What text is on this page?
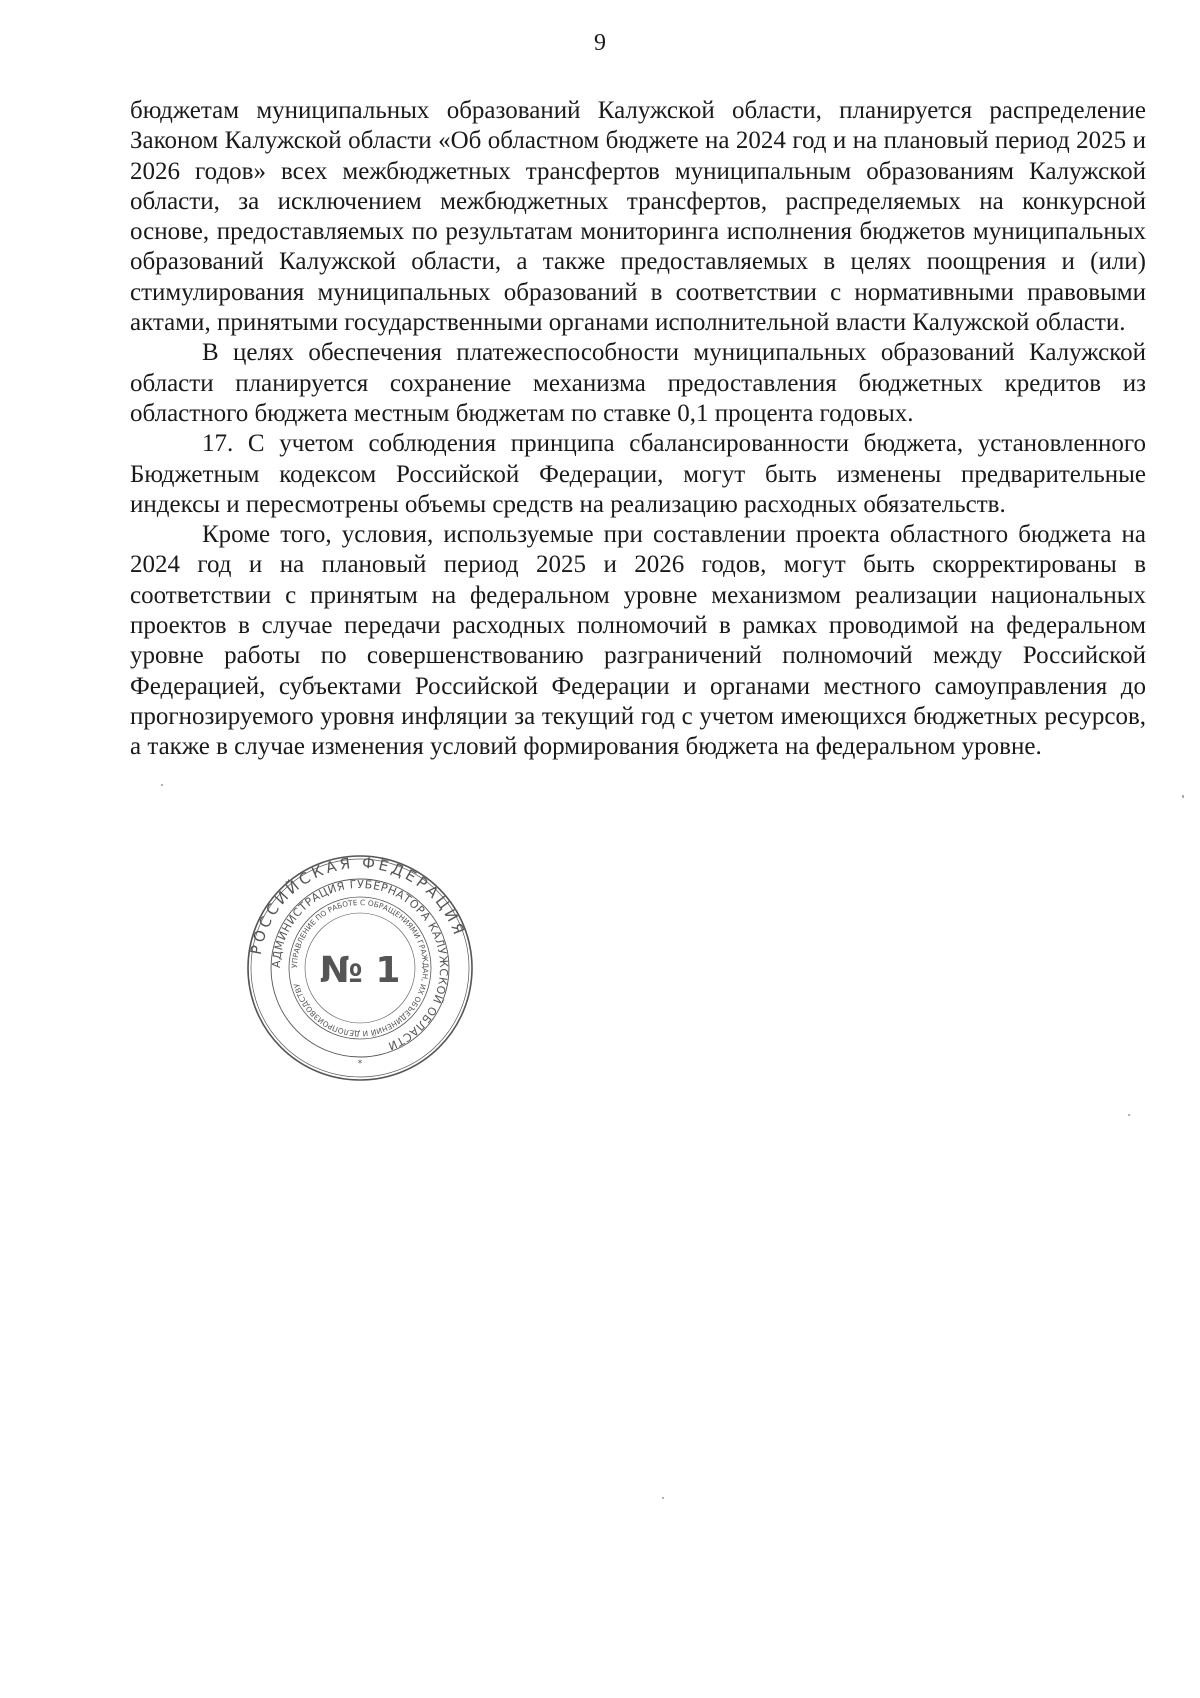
9

бюджетам муниципальных образований Калужской области, планируется распределение Законом Калужской области «Об областном бюджете на 2024 год и на плановый период 2025 и 2026 годов» всех межбюджетных трансфертов муниципальным образованиям Калужской области, за исключением межбюджетных трансфертов, распределяемых на конкурсной основе, предоставляемых по результатам мониторинга исполнения бюджетов муниципальных образований Калужской области, а также предоставляемых в целях поощрения и (или) стимулирования муниципальных образований в соответствии с нормативными правовыми актами, принятыми государственными органами исполнительной власти Калужской области.

В целях обеспечения платежеспособности муниципальных образований Калужской области планируется сохранение механизма предоставления бюджетных кредитов из областного бюджета местным бюджетам по ставке 0,1 процента годовых.

17. С учетом соблюдения принципа сбалансированности бюджета, установленного Бюджетным кодексом Российской Федерации, могут быть изменены предварительные индексы и пересмотрены объемы средств на реализацию расходных обязательств.

Кроме того, условия, используемые при составлении проекта областного бюджета на 2024 год и на плановый период 2025 и 2026 годов, могут быть скорректированы в соответствии с принятым на федеральном уровне механизмом реализации национальных проектов в случае передачи расходных полномочий в рамках проводимой на федеральном уровне работы по совершенствованию разграничений полномочий между Российской Федерацией, субъектами Российской Федерации и органами местного самоуправления до прогнозируемого уровня инфляции за текущий год с учетом имеющихся бюджетных ресурсов, а также в случае изменения условий формирования бюджета на федеральном уровне.

РОССИЙСКАЯ ФЕДЕРАЦИЯ
АДМИНИСТРАЦИЯ ГУБЕРНАТОРА КАЛУЖСКОЙ ОБЛАСТИ
УПРАВЛЕНИЕ ПО РАБОТЕ С ОБРАЩЕНИЯМИ ГРАЖДАН, ИХ ОБЪЕДИНЕНИЙ И ДЕЛОПРОИЗВОДСТВУ № 1
*
